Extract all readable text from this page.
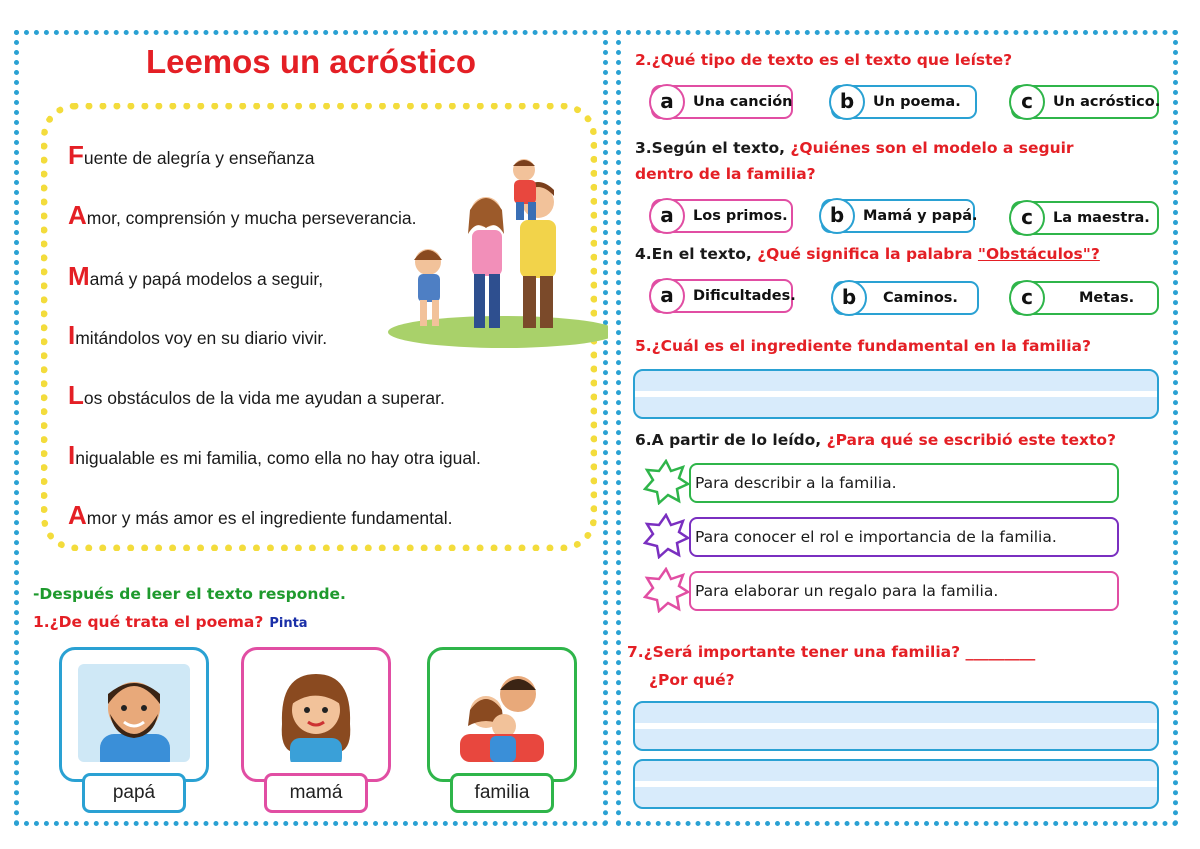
Leemos un acróstico
Fuente de alegría y enseñanza
Amor, comprensión y mucha perseverancia.
Mamá y papá modelos a seguir,
Imitándolos voy en su diario vivir.
Los obstáculos de la vida me ayudan a superar.
Inigualable es mi familia, como ella no hay otra igual.
Amor y más amor es el ingrediente fundamental.
-Después de leer el texto responde.
1.¿De qué trata el poema? Pinta
papá	mamá	familia
2.¿Qué tipo de texto es el texto que leíste?
a	Una canción	b	Un poema.	c	Un acróstico.
3.Según el texto, ¿Quiénes son el modelo a seguir
dentro de la familia?
a	Los primos.	b	Mamá y papá.	c	La maestra.
4.En el texto, ¿Qué significa la palabra "Obstáculos"?
a	Dificultades.	b	Caminos.	c	Metas.
5.¿Cuál es el ingrediente fundamental en la familia?
6.A partir de lo leído, ¿Para qué se escribió este texto?
Para describir a la familia.
Para conocer el rol e importancia de la familia.
Para elaborar un regalo para la familia.
7.¿Será importante tener una familia? _________
¿Por qué?
